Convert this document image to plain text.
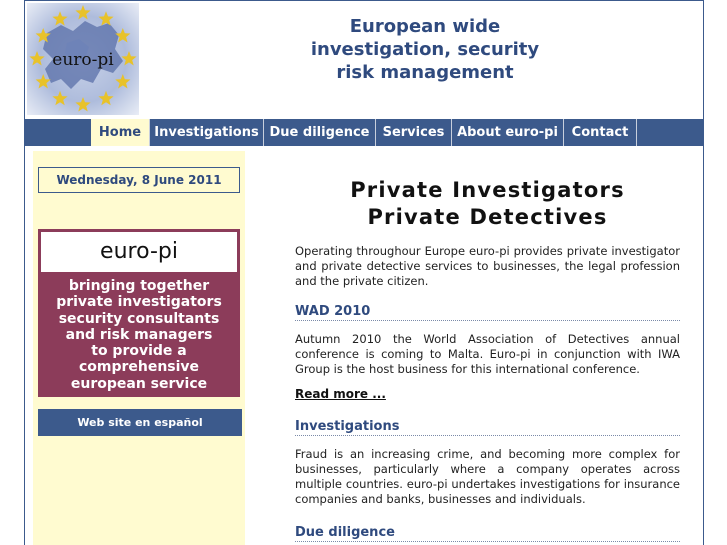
euro-pi
European wide
investigation, security
risk management
Home	Investigations Due diligence	Services About euro-pi	Contact
Wednesday, 8 June 2011
euro-pi
bringing together
private investigators
security consultants
and risk managers
to provide a
comprehensive
european service
Web site en español
Private Investigators
Private Detectives

Operating throughour Europe euro-pi provides private investigator and private detective services to businesses, the legal profession and the private citizen.

WAD 2010

Autumn 2010 the World Association of Detectives annual conference is coming to Malta. Euro-pi in conjunction with IWA Group is the host business for this international conference.

Read more ...
Investigations

Fraud is an increasing crime, and becoming more complex for businesses, particularly where a company operates across multiple countries. euro-pi undertakes investigations for insurance companies and banks, businesses and individuals.

Due diligence
